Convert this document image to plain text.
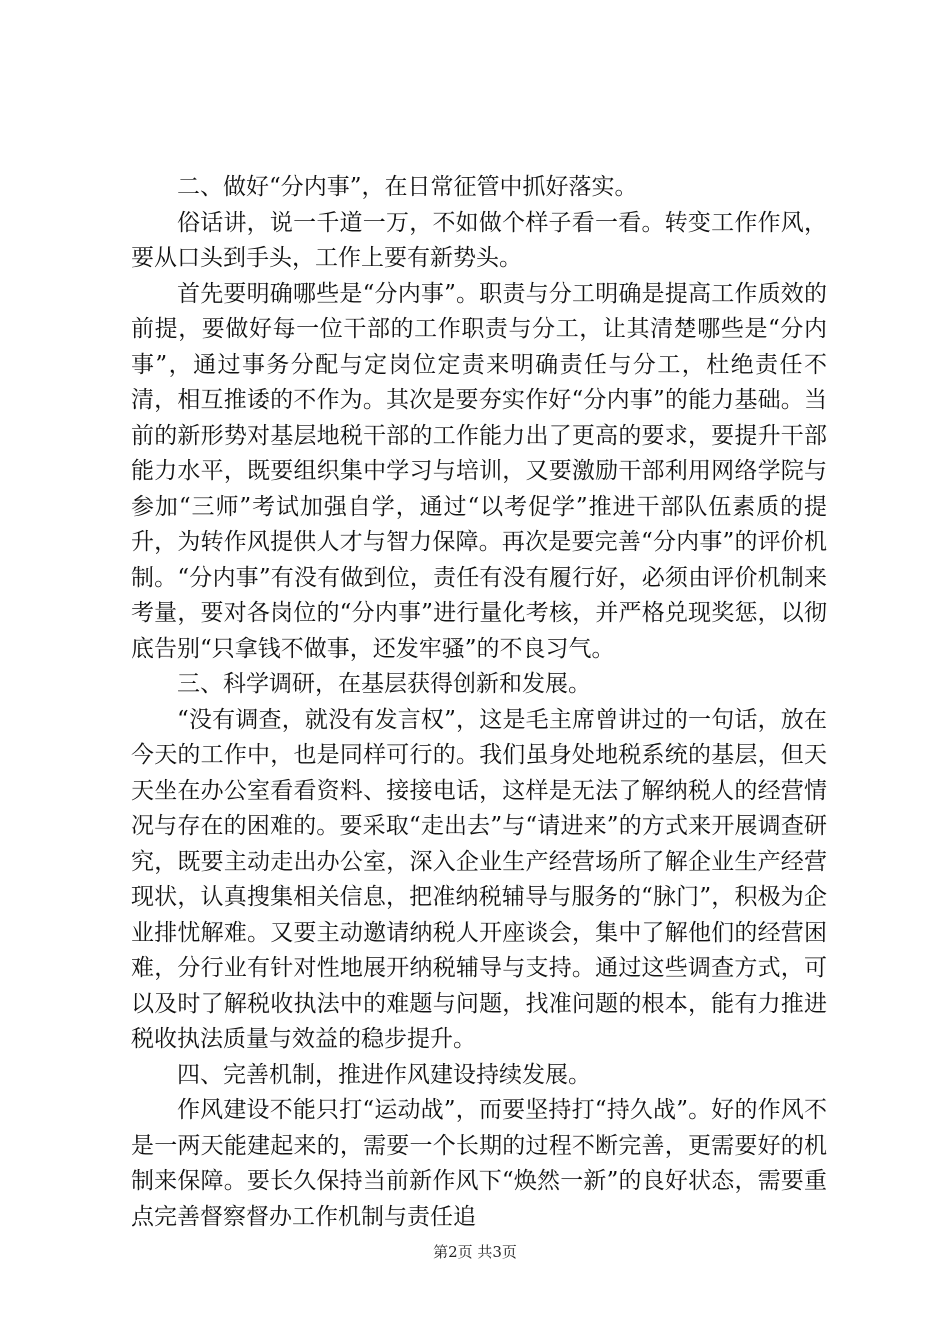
二、做好“分内事”，在日常征管中抓好落实。

俗话讲，说一千道一万，不如做个样子看一看。转变工作作风，要从口头到手头，工作上要有新势头。

首先要明确哪些是“分内事”。职责与分工明确是提高工作质效的前提，要做好每一位干部的工作职责与分工，让其清楚哪些是“分内事”，通过事务分配与定岗位定责来明确责任与分工，杜绝责任不清，相互推诿的不作为。其次是要夯实作好“分内事”的能力基础。当前的新形势对基层地税干部的工作能力出了更高的要求，要提升干部能力水平，既要组织集中学习与培训，又要激励干部利用网络学院与参加“三师”考试加强自学，通过“以考促学”推进干部队伍素质的提升，为转作风提供人才与智力保障。再次是要完善“分内事”的评价机制。“分内事”有没有做到位，责任有没有履行好，必须由评价机制来考量，要对各岗位的“分内事”进行量化考核，并严格兑现奖惩，以彻底告别“只拿钱不做事，还发牢骚”的不良习气。

三、科学调研，在基层获得创新和发展。

“没有调查，就没有发言权”，这是毛主席曾讲过的一句话，放在今天的工作中，也是同样可行的。我们虽身处地税系统的基层，但天天坐在办公室看看资料、接接电话，这样是无法了解纳税人的经营情况与存在的困难的。要采取“走出去”与“请进来”的方式来开展调查研究，既要主动走出办公室，深入企业生产经营场所了解企业生产经营现状，认真搜集相关信息，把准纳税辅导与服务的“脉门”，积极为企业排忧解难。又要主动邀请纳税人开座谈会，集中了解他们的经营困难，分行业有针对性地展开纳税辅导与支持。通过这些调查方式，可以及时了解税收执法中的难题与问题，找准问题的根本，能有力推进税收执法质量与效益的稳步提升。

四、完善机制，推进作风建设持续发展。

作风建设不能只打“运动战”，而要坚持打“持久战”。好的作风不是一两天能建起来的，需要一个长期的过程不断完善，更需要好的机制来保障。要长久保持当前新作风下“焕然一新”的良好状态，需要重点完善督察督办工作机制与责任追

第2页 共3页
